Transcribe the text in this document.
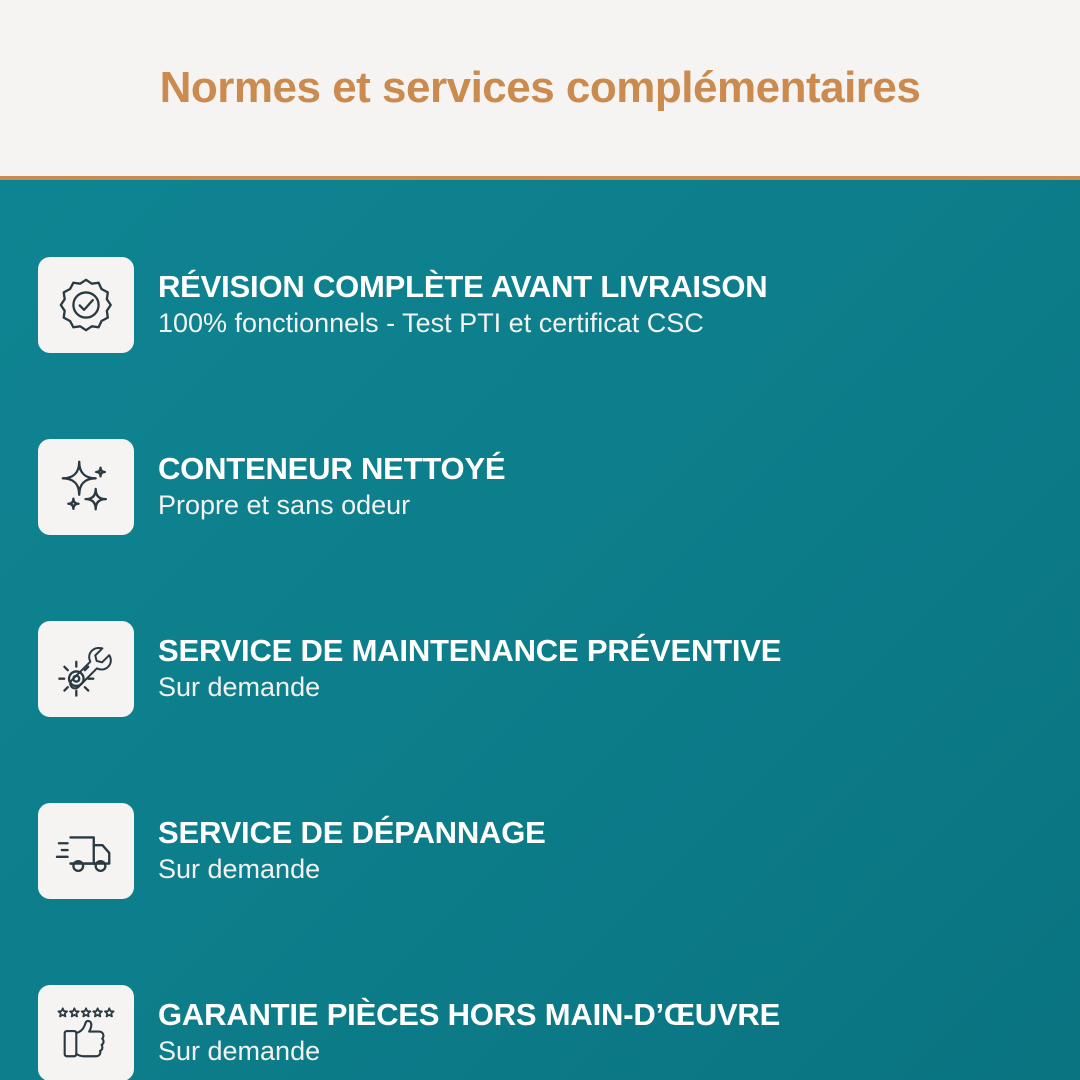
Normes et services complémentaires
RÉVISION COMPLÈTE AVANT LIVRAISON
100% fonctionnels - Test PTI et certificat CSC
CONTENEUR NETTOYÉ
Propre et sans odeur
SERVICE DE MAINTENANCE PRÉVENTIVE
Sur demande
SERVICE DE DÉPANNAGE
Sur demande
GARANTIE PIÈCES HORS MAIN-D’ŒUVRE
Sur demande
